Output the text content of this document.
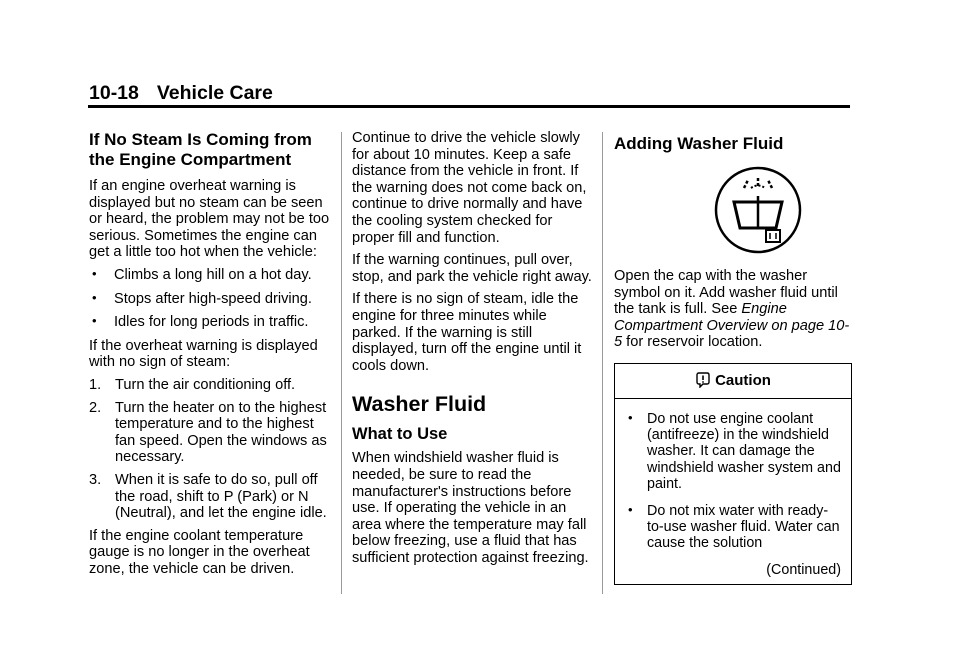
10-18 Vehicle Care
If No Steam Is Coming from the Engine Compartment

If an engine overheat warning is displayed but no steam can be seen or heard, the problem may not be too serious. Sometimes the engine can get a little too hot when the vehicle:

• Climbs a long hill on a hot day.
• Stops after high-speed driving.
• Idles for long periods in traffic.

If the overheat warning is displayed with no sign of steam:

1. Turn the air conditioning off.
2. Turn the heater on to the highest temperature and to the highest fan speed. Open the windows as necessary.
3. When it is safe to do so, pull off the road, shift to P (Park) or N (Neutral), and let the engine idle.

If the engine coolant temperature gauge is no longer in the overheat zone, the vehicle can be driven.

Continue to drive the vehicle slowly for about 10 minutes. Keep a safe distance from the vehicle in front. If the warning does not come back on, continue to drive normally and have the cooling system checked for proper fill and function.

If the warning continues, pull over, stop, and park the vehicle right away.

If there is no sign of steam, idle the engine for three minutes while parked. If the warning is still displayed, turn off the engine until it cools down.

Washer Fluid
What to Use

When windshield washer fluid is needed, be sure to read the manufacturer's instructions before use. If operating the vehicle in an area where the temperature may fall below freezing, use a fluid that has sufficient protection against freezing.

Adding Washer Fluid

Open the cap with the washer symbol on it. Add washer fluid until the tank is full. See Engine Compartment Overview on page 10-5 for reservoir location.

Caution
• Do not use engine coolant (antifreeze) in the windshield washer. It can damage the windshield washer system and paint.
• Do not mix water with ready-to-use washer fluid. Water can cause the solution
(Continued)
